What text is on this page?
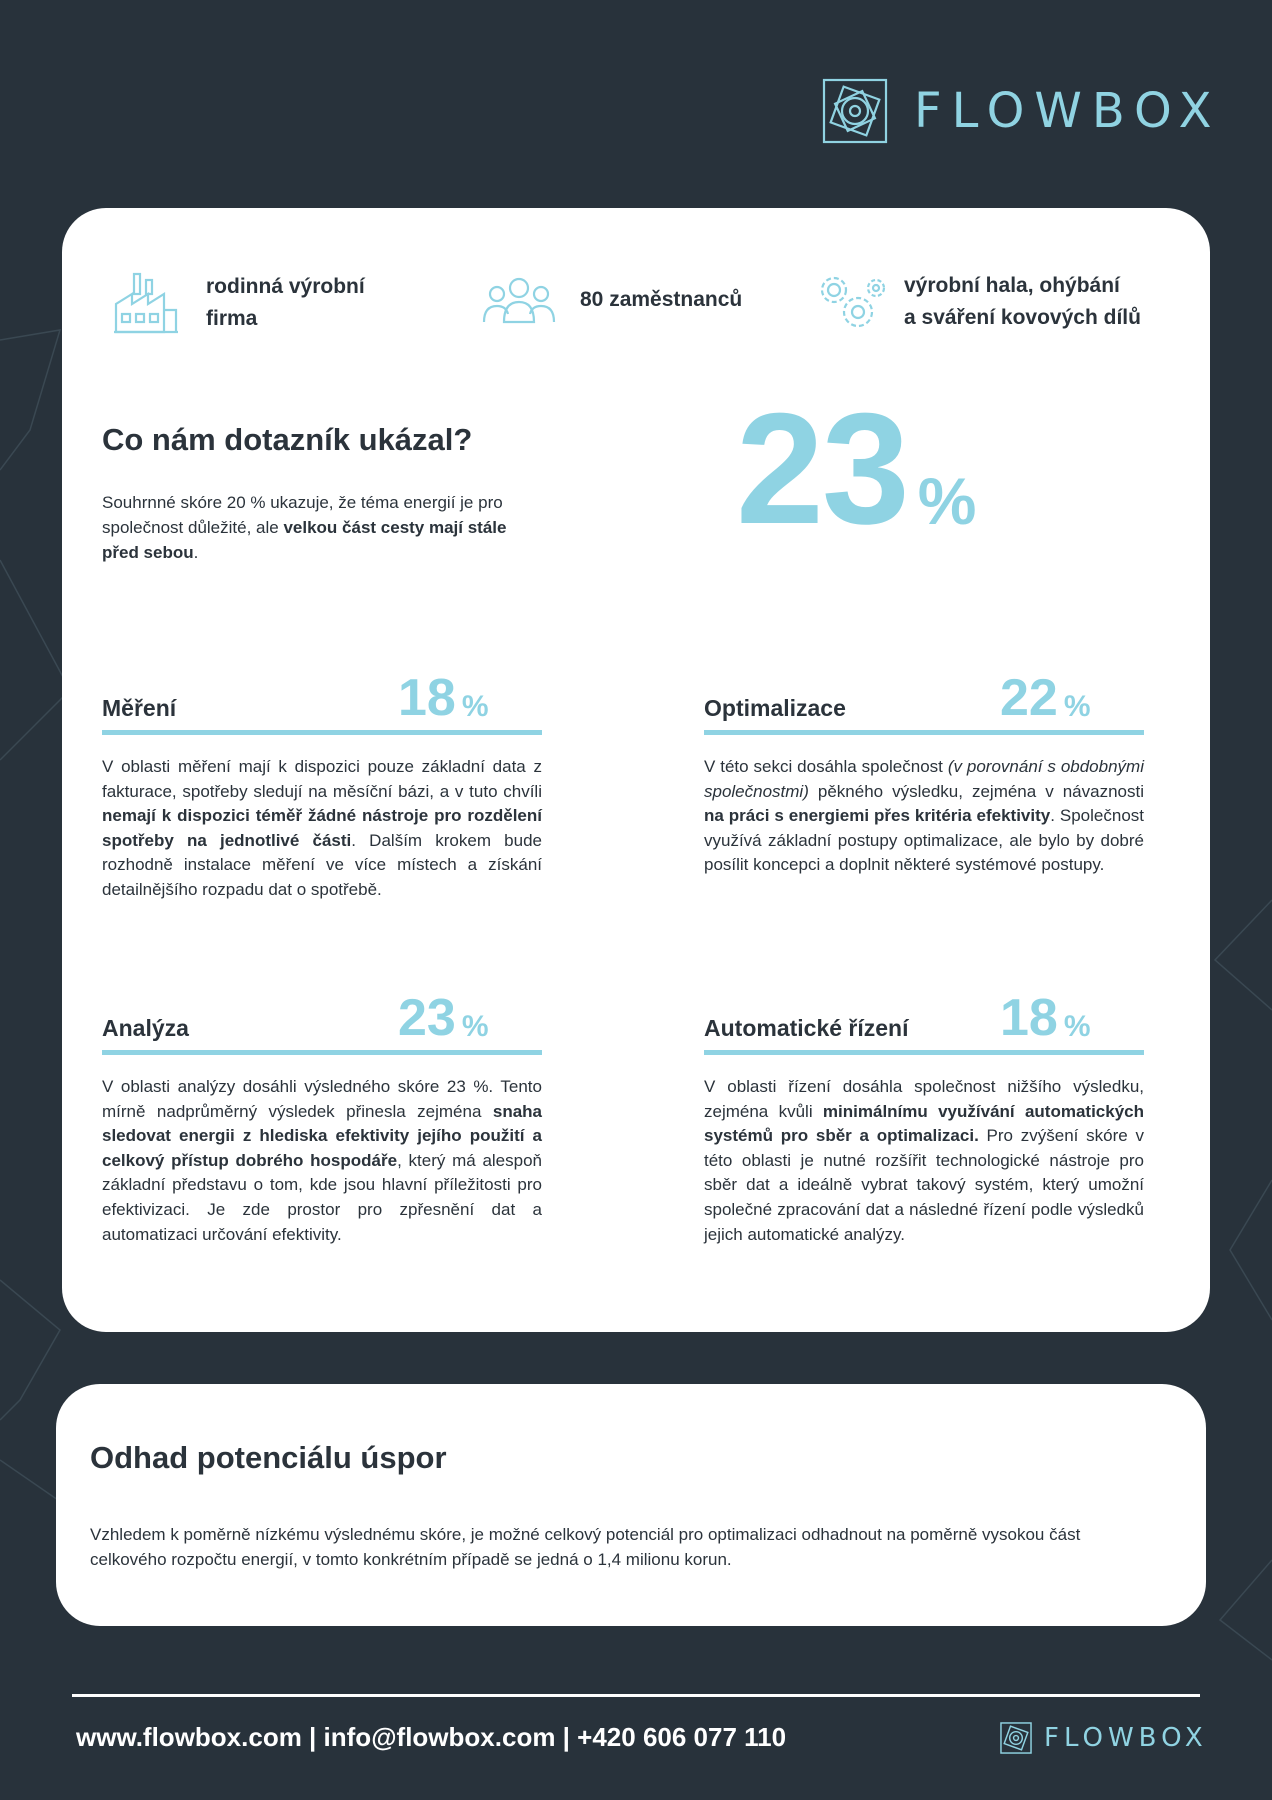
FLOWBOX
rodinná výrobní
firma
80 zaměstnanců
výrobní hala, ohýbání
a sváření kovových dílů
Co nám dotazník ukázal?

Souhrnné skóre 20 % ukazuje, že téma energií je pro společnost důležité, ale velkou část cesty mají stále před sebou.	23 %
Měření	18 %

V oblasti měření mají k dispozici pouze základní data z fakturace, spotřeby sledují na měsíční bázi, a v tuto chvíli nemají k dispozici téměř žádné nástroje pro rozdělení spotřeby na jednotlivé části. Dalším krokem bude rozhodně instalace měření ve více místech a získání detailnějšího rozpadu dat o spotřebě.

Optimalizace	22 %

V této sekci dosáhla společnost (v porovnání s obdobnými společnostmi) pěkného výsledku, zejména v návaznosti na práci s energiemi přes kritéria efektivity. Společnost využívá základní postupy optimalizace, ale bylo by dobré posílit koncepci a doplnit některé systémové postupy.

Analýza	23 %

V oblasti analýzy dosáhli výsledného skóre 23 %. Tento mírně nadprůměrný výsledek přinesla zejména snaha sledovat energii z hlediska efektivity jejího použití a celkový přístup dobrého hospodáře, který má alespoň základní představu o tom, kde jsou hlavní příležitosti pro efektivizaci. Je zde prostor pro zpřesnění dat a automatizaci určování efektivity.

Automatické řízení 18 %

V oblasti řízení dosáhla společnost nižšího výsledku, zejména kvůli minimálnímu využívání automatických systémů pro sběr a optimalizaci. Pro zvýšení skóre v této oblasti je nutné rozšířit technologické nástroje pro sběr dat a ideálně vybrat takový systém, který umožní společné zpracování dat a následné řízení podle výsledků jejich automatické analýzy.

Odhad potenciálu úspor

Vzhledem k poměrně nízkému výslednému skóre, je možné celkový potenciál pro optimalizaci odhadnout na poměrně vysokou část celkového rozpočtu energií, v tomto konkrétním případě se jedná o 1,4 milionu korun.

www.flowbox.com | info@flowbox.com | +420 606 077 110	FLOWBOX
